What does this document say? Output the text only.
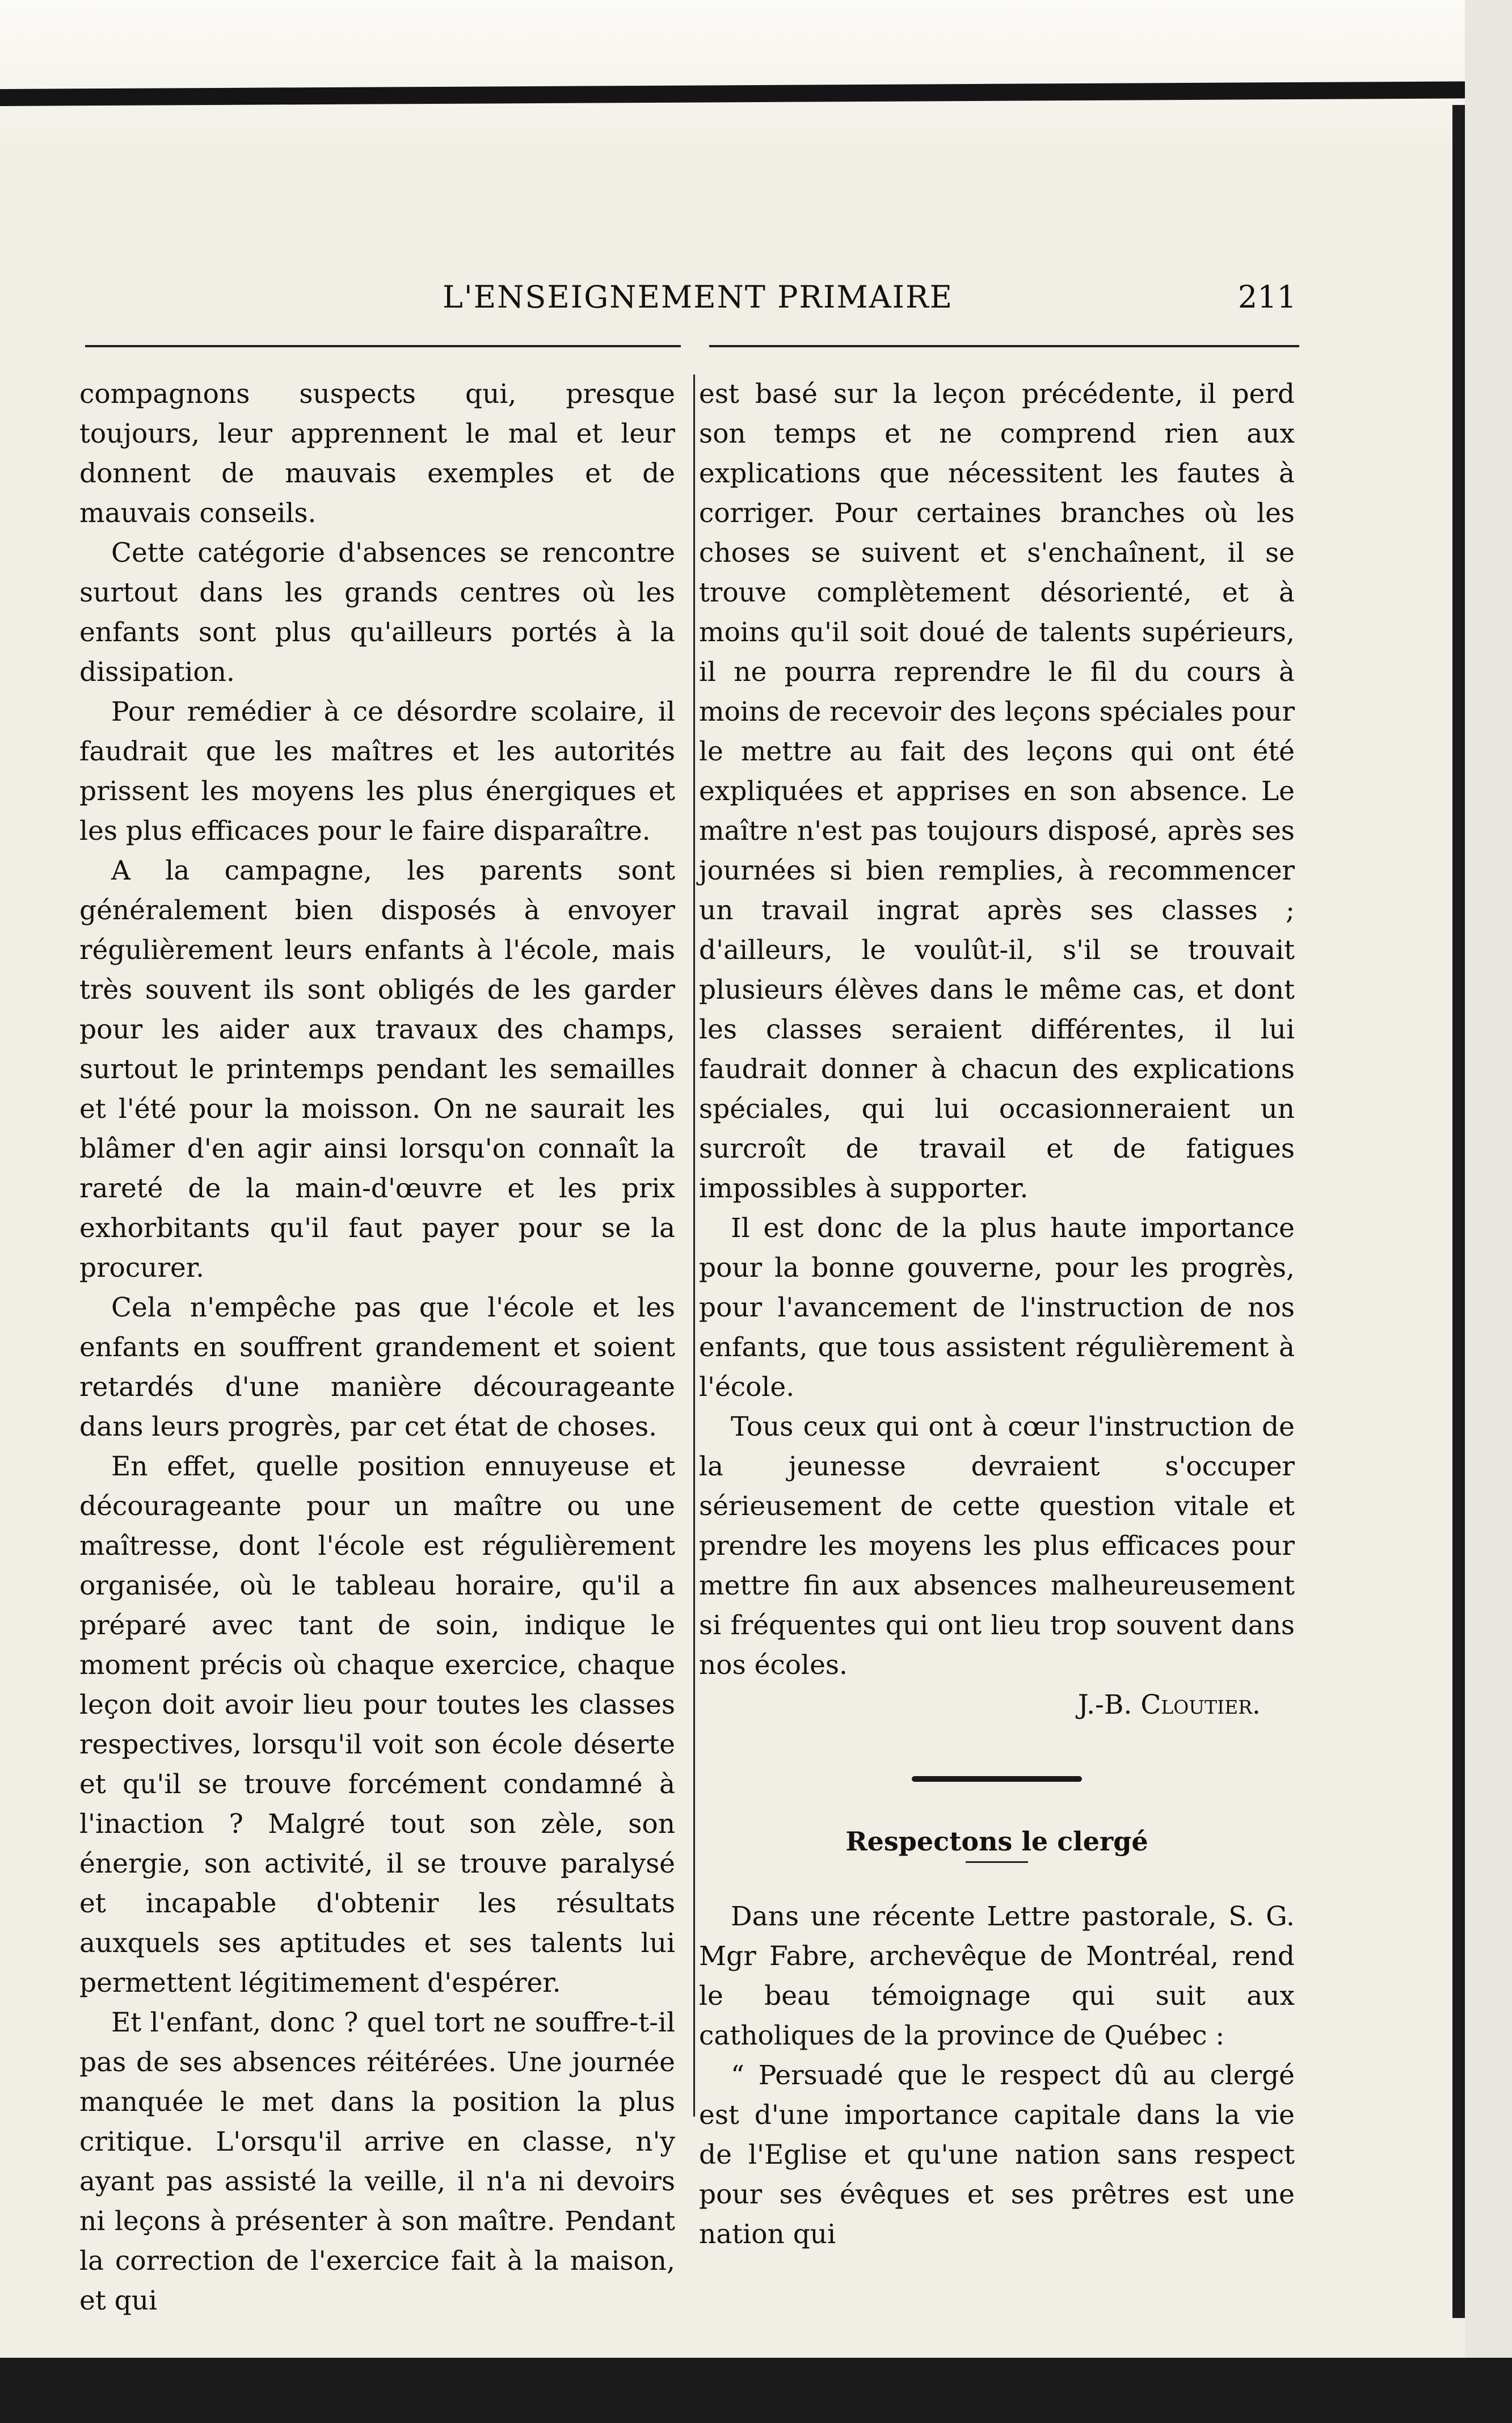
L'ENSEIGNEMENT PRIMAIRE	211

compagnons suspects qui, presque toujours, leur apprennent le mal et leur donnent de mauvais exemples et de mauvais conseils.

Cette catégorie d'absences se rencontre surtout dans les grands centres où les enfants sont plus qu'ailleurs portés à la dissipation.

Pour remédier à ce désordre scolaire, il faudrait que les maîtres et les autorités prissent les moyens les plus énergiques et les plus efficaces pour le faire disparaître.

A la campagne, les parents sont généralement bien disposés à envoyer régulièrement leurs enfants à l'école, mais très souvent ils sont obligés de les garder pour les aider aux travaux des champs, surtout le printemps pendant les semailles et l'été pour la moisson. On ne saurait les blâmer d'en agir ainsi lorsqu'on connaît la rareté de la main-d'œuvre et les prix exhorbitants qu'il faut payer pour se la procurer.

Cela n'empêche pas que l'école et les enfants en souffrent grandement et soient retardés d'une manière décourageante dans leurs progrès, par cet état de choses.

En effet, quelle position ennuyeuse et décourageante pour un maître ou une maîtresse, dont l'école est régulièrement organisée, où le tableau horaire, qu'il a préparé avec tant de soin, indique le moment précis où chaque exercice, chaque leçon doit avoir lieu pour toutes les classes respectives, lorsqu'il voit son école déserte et qu'il se trouve forcément condamné à l'inaction ? Malgré tout son zèle, son énergie, son activité, il se trouve paralysé et incapable d'obtenir les résultats auxquels ses aptitudes et ses talents lui permettent légitimement d'espérer.

Et l'enfant, donc ? quel tort ne souffre-t-il pas de ses absences réitérées. Une journée manquée le met dans la position la plus critique. L'orsqu'il arrive en classe, n'y ayant pas assisté la veille, il n'a ni devoirs ni leçons à présenter à son maître. Pendant la correction de l'exercice fait à la maison, et qui

est basé sur la leçon précédente, il perd son temps et ne comprend rien aux explications que nécessitent les fautes à corriger. Pour certaines branches où les choses se suivent et s'enchaînent, il se trouve complètement désorienté, et à moins qu'il soit doué de talents supérieurs, il ne pourra reprendre le fil du cours à moins de recevoir des leçons spéciales pour le mettre au fait des leçons qui ont été expliquées et apprises en son absence. Le maître n'est pas toujours disposé, après ses journées si bien remplies, à recommencer un travail ingrat après ses classes ; d'ailleurs, le voulût-il, s'il se trouvait plusieurs élèves dans le même cas, et dont les classes seraient différentes, il lui faudrait donner à chacun des explications spéciales, qui lui occasionneraient un surcroît de travail et de fatigues impossibles à supporter.

Il est donc de la plus haute importance pour la bonne gouverne, pour les progrès, pour l'avancement de l'instruction de nos enfants, que tous assistent régulièrement à l'école.

Tous ceux qui ont à cœur l'instruction de la jeunesse devraient s'occuper sérieusement de cette question vitale et prendre les moyens les plus efficaces pour mettre fin aux absences malheureusement si fréquentes qui ont lieu trop souvent dans nos écoles.

J.-B. Cloutier.

Respectons le clergé

Dans une récente Lettre pastorale, S. G. Mgr Fabre, archevêque de Montréal, rend le beau témoignage qui suit aux catholiques de la province de Québec :

“ Persuadé que le respect dû au clergé est d'une importance capitale dans la vie de l'Eglise et qu'une nation sans respect pour ses évêques et ses prêtres est une nation qui
